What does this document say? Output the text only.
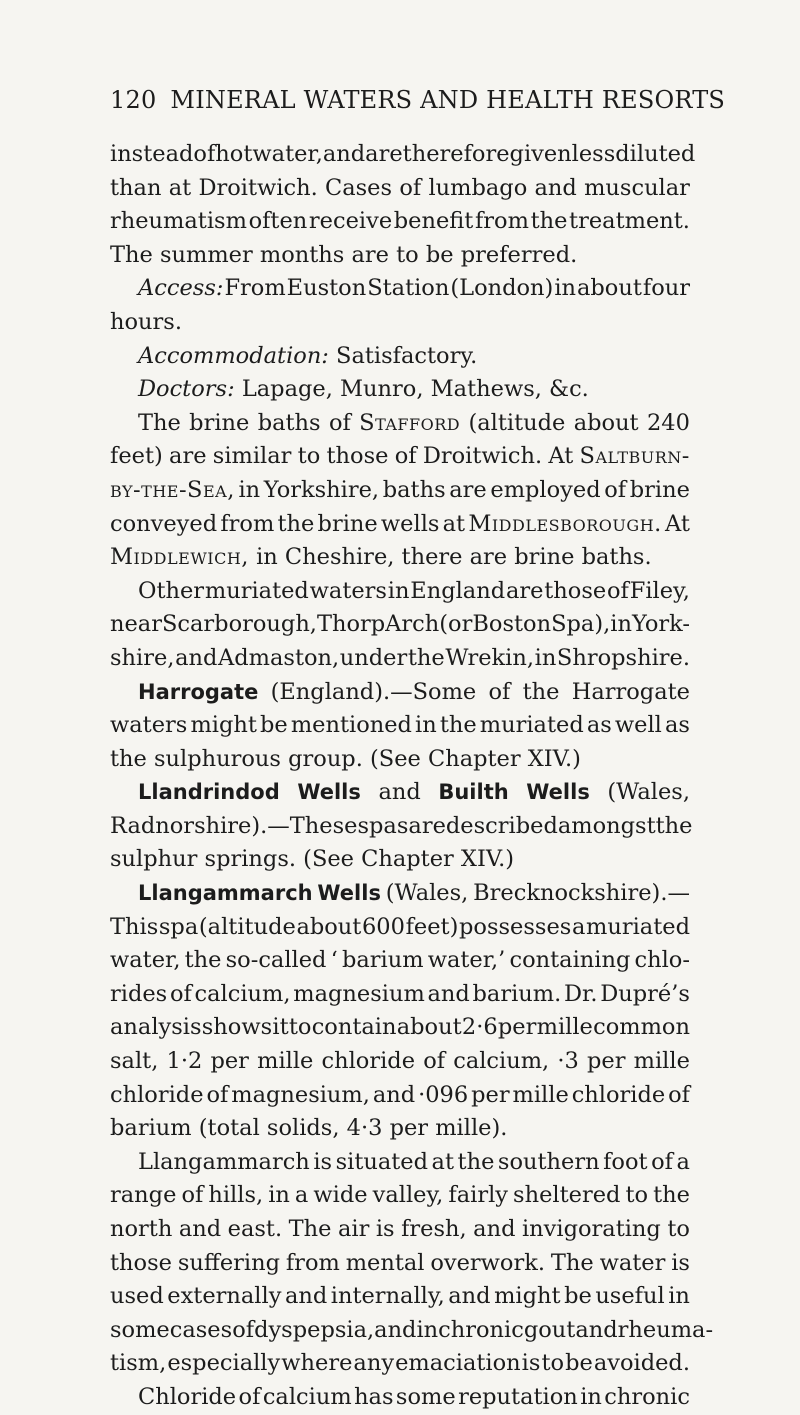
120 MINERAL WATERS AND HEALTH RESORTS
instead of hot water, and are therefore given less diluted
than at Droitwich. Cases of lumbago and muscular
rheumatism often receive benefit from the treatment.
The summer months are to be preferred.
Access: From Euston Station (London) in about four
hours.
Accommodation: Satisfactory.
Doctors: Lapage, Munro, Mathews, &c.
The brine baths of Stafford (altitude about 240
feet) are similar to those of Droitwich. At Saltburn-
by-the-Sea, in Yorkshire, baths are employed of brine
conveyed from the brine wells at Middlesborough. At
Middlewich, in Cheshire, there are brine baths.
Other muriated waters in England are those of Filey,
near Scarborough, Thorp Arch (or Boston Spa), in York-
shire, and Admaston, under the Wrekin, in Shropshire.
Harrogate (England).—Some of the Harrogate
waters might be mentioned in the muriated as well as
the sulphurous group. (See Chapter XIV.)
Llandrindod Wells and Builth Wells (Wales,
Radnorshire).—These spas are described amongst the
sulphur springs. (See Chapter XIV.)
Llangammarch Wells (Wales, Brecknockshire).—
This spa (altitude about 600 feet) possesses a muriated
water, the so-called ‘ barium water,’ containing chlo-
rides of calcium, magnesium and barium. Dr. Dupré’s
analysis shows it to contain about 2·6 per mille common
salt, 1·2 per mille chloride of calcium, ·3 per mille
chloride of magnesium, and ·096 per mille chloride of
barium (total solids, 4·3 per mille).
Llangammarch is situated at the southern foot of a
range of hills, in a wide valley, fairly sheltered to the
north and east. The air is fresh, and invigorating to
those suffering from mental overwork. The water is
used externally and internally, and might be useful in
some cases of dyspepsia, and in chronic gout and rheuma-
tism, especially where any emaciation is to be avoided.
Chloride of calcium has some reputation in chronic
